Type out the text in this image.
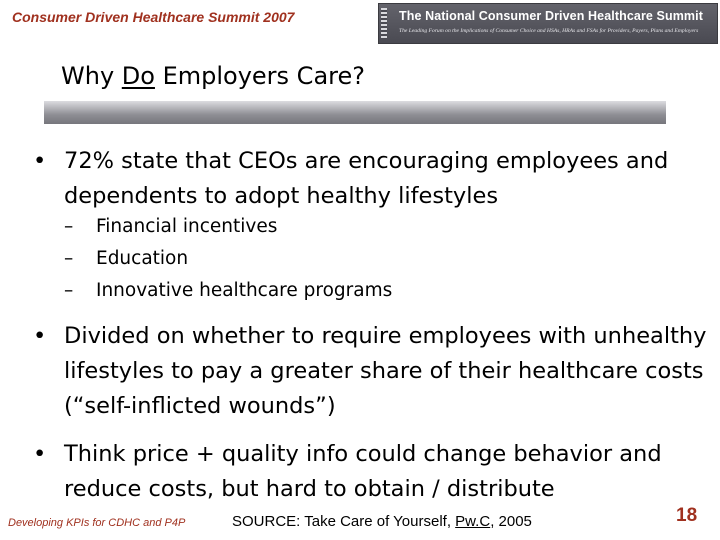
Consumer Driven Healthcare Summit 2007	The National Consumer Driven Healthcare Summit
The Leading Forum on the Implications of Consumer Choice and HSAs, HRAs and FSAs for Providers, Payers, Plans and Employers
Why Do Employers Care?
• 72% state that CEOs are encouraging employees and dependents to adopt healthy lifestyles
– Financial incentives
– Education
– Innovative healthcare programs
• Divided on whether to require employees with unhealthy lifestyles to pay a greater share of their healthcare costs (“self-inflicted wounds”)
• Think price + quality info could change behavior and reduce costs, but hard to obtain / distribute
Developing KPIs for CDHC and P4P	SOURCE: Take Care of Yourself, Pw.C, 2005	18
